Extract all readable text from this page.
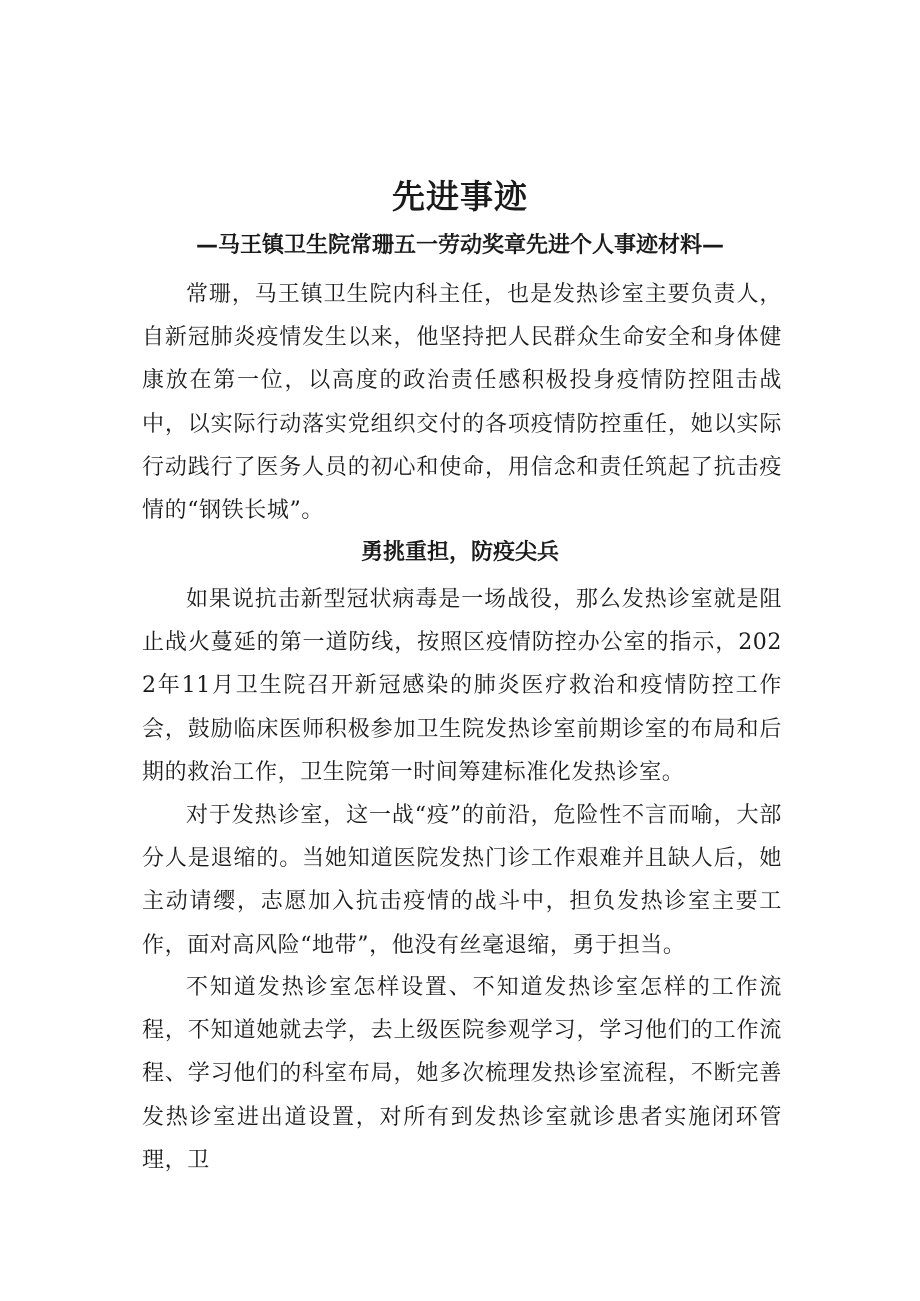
先进事迹
—马王镇卫生院常珊五一劳动奖章先进个人事迹材料—

常珊，马王镇卫生院内科主任，也是发热诊室主要负责人，自新冠肺炎疫情发生以来，他坚持把人民群众生命安全和身体健康放在第一位，以高度的政治责任感积极投身疫情防控阻击战中，以实际行动落实党组织交付的各项疫情防控重任，她以实际行动践行了医务人员的初心和使命，用信念和责任筑起了抗击疫情的“钢铁长城”。

勇挑重担，防疫尖兵

如果说抗击新型冠状病毒是一场战役，那么发热诊室就是阻止战火蔓延的第一道防线，按照区疫情防控办公室的指示，2022年11月卫生院召开新冠感染的肺炎医疗救治和疫情防控工作会，鼓励临床医师积极参加卫生院发热诊室前期诊室的布局和后期的救治工作，卫生院第一时间筹建标准化发热诊室。

对于发热诊室，这一战“疫”的前沿，危险性不言而喻，大部分人是退缩的。当她知道医院发热门诊工作艰难并且缺人后，她主动请缨，志愿加入抗击疫情的战斗中，担负发热诊室主要工作，面对高风险“地带”，他没有丝毫退缩，勇于担当。

不知道发热诊室怎样设置、不知道发热诊室怎样的工作流程，不知道她就去学，去上级医院参观学习，学习他们的工作流程、学习他们的科室布局，她多次梳理发热诊室流程，不断完善发热诊室进出道设置，对所有到发热诊室就诊患者实施闭环管理，卫
